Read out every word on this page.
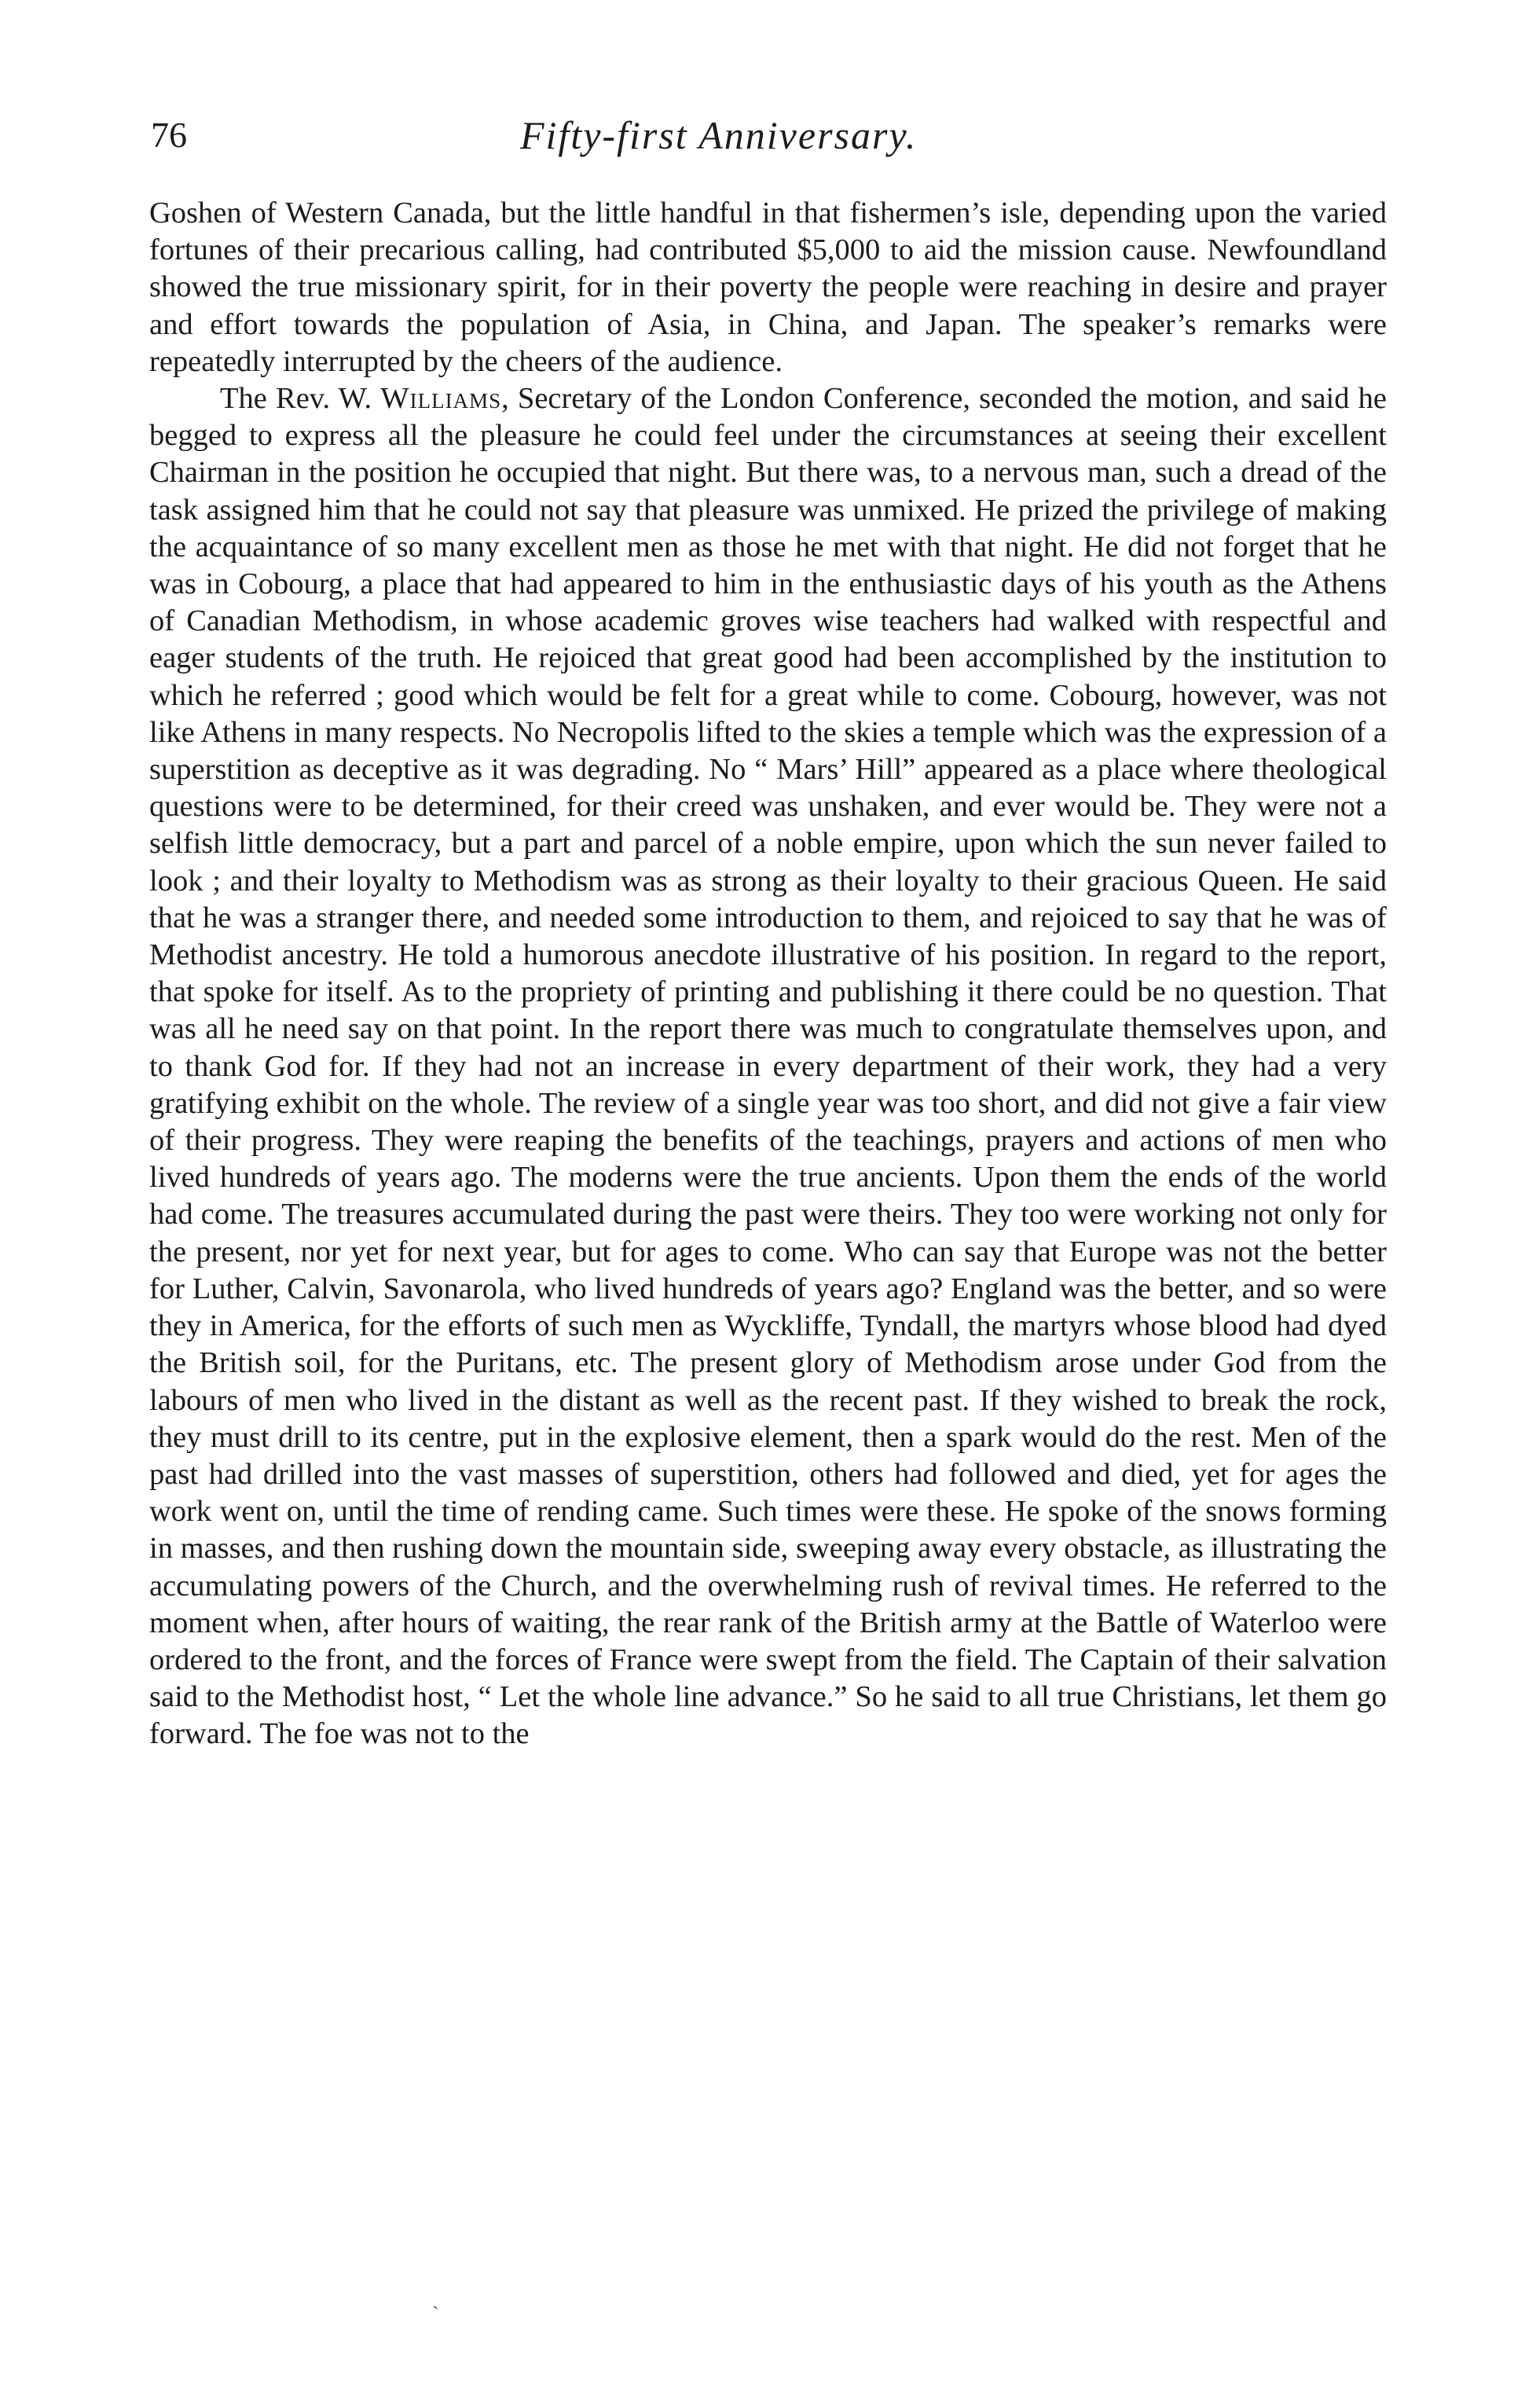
76	Fifty-first Anniversary.

Goshen of Western Canada, but the little handful in that fishermen’s isle, depending upon the varied fortunes of their precarious calling, had contributed $5,000 to aid the mission cause. Newfoundland showed the true missionary spirit, for in their poverty the people were reaching in desire and prayer and effort towards the population of Asia, in China, and Japan. The speaker’s remarks were repeatedly interrupted by the cheers of the audience.

The Rev. W. Williams, Secretary of the London Conference, seconded the motion, and said he begged to express all the pleasure he could feel under the circumstances at seeing their excellent Chairman in the position he occupied that night. But there was, to a nervous man, such a dread of the task assigned him that he could not say that pleasure was unmixed. He prized the privilege of making the acquaintance of so many excellent men as those he met with that night. He did not forget that he was in Cobourg, a place that had appeared to him in the enthusiastic days of his youth as the Athens of Canadian Methodism, in whose academic groves wise teachers had walked with respectful and eager students of the truth. He rejoiced that great good had been accomplished by the institution to which he referred ; good which would be felt for a great while to come. Cobourg, however, was not like Athens in many respects. No Necropolis lifted to the skies a temple which was the expression of a superstition as deceptive as it was degrading. No “ Mars’ Hill” appeared as a place where theological questions were to be determined, for their creed was unshaken, and ever would be. They were not a selfish little democracy, but a part and parcel of a noble empire, upon which the sun never failed to look ; and their loyalty to Methodism was as strong as their loyalty to their gracious Queen. He said that he was a stranger there, and needed some introduction to them, and rejoiced to say that he was of Methodist ancestry. He told a humorous anecdote illustrative of his position. In regard to the report, that spoke for itself. As to the propriety of printing and publishing it there could be no question. That was all he need say on that point. In the report there was much to congratulate themselves upon, and to thank God for. If they had not an increase in every department of their work, they had a very gratifying exhibit on the whole. The review of a single year was too short, and did not give a fair view of their progress. They were reaping the benefits of the teachings, prayers and actions of men who lived hundreds of years ago. The moderns were the true ancients. Upon them the ends of the world had come. The treasures accumulated during the past were theirs. They too were working not only for the present, nor yet for next year, but for ages to come. Who can say that Europe was not the better for Luther, Calvin, Savonarola, who lived hundreds of years ago? England was the better, and so were they in America, for the efforts of such men as Wyckliffe, Tyndall, the martyrs whose blood had dyed the British soil, for the Puritans, etc. The present glory of Methodism arose under God from the labours of men who lived in the distant as well as the recent past. If they wished to break the rock, they must drill to its centre, put in the explosive element, then a spark would do the rest. Men of the past had drilled into the vast masses of superstition, others had followed and died, yet for ages the work went on, until the time of rending came. Such times were these. He spoke of the snows forming in masses, and then rushing down the mountain side, sweeping away every obstacle, as illustrating the accumulating powers of the Church, and the overwhelming rush of revival times. He referred to the moment when, after hours of waiting, the rear rank of the British army at the Battle of Waterloo were ordered to the front, and the forces of France were swept from the field. The Captain of their salvation said to the Methodist host, “ Let the whole line advance.” So he said to all true Christians, let them go forward. The foe was not to the

ˏ
